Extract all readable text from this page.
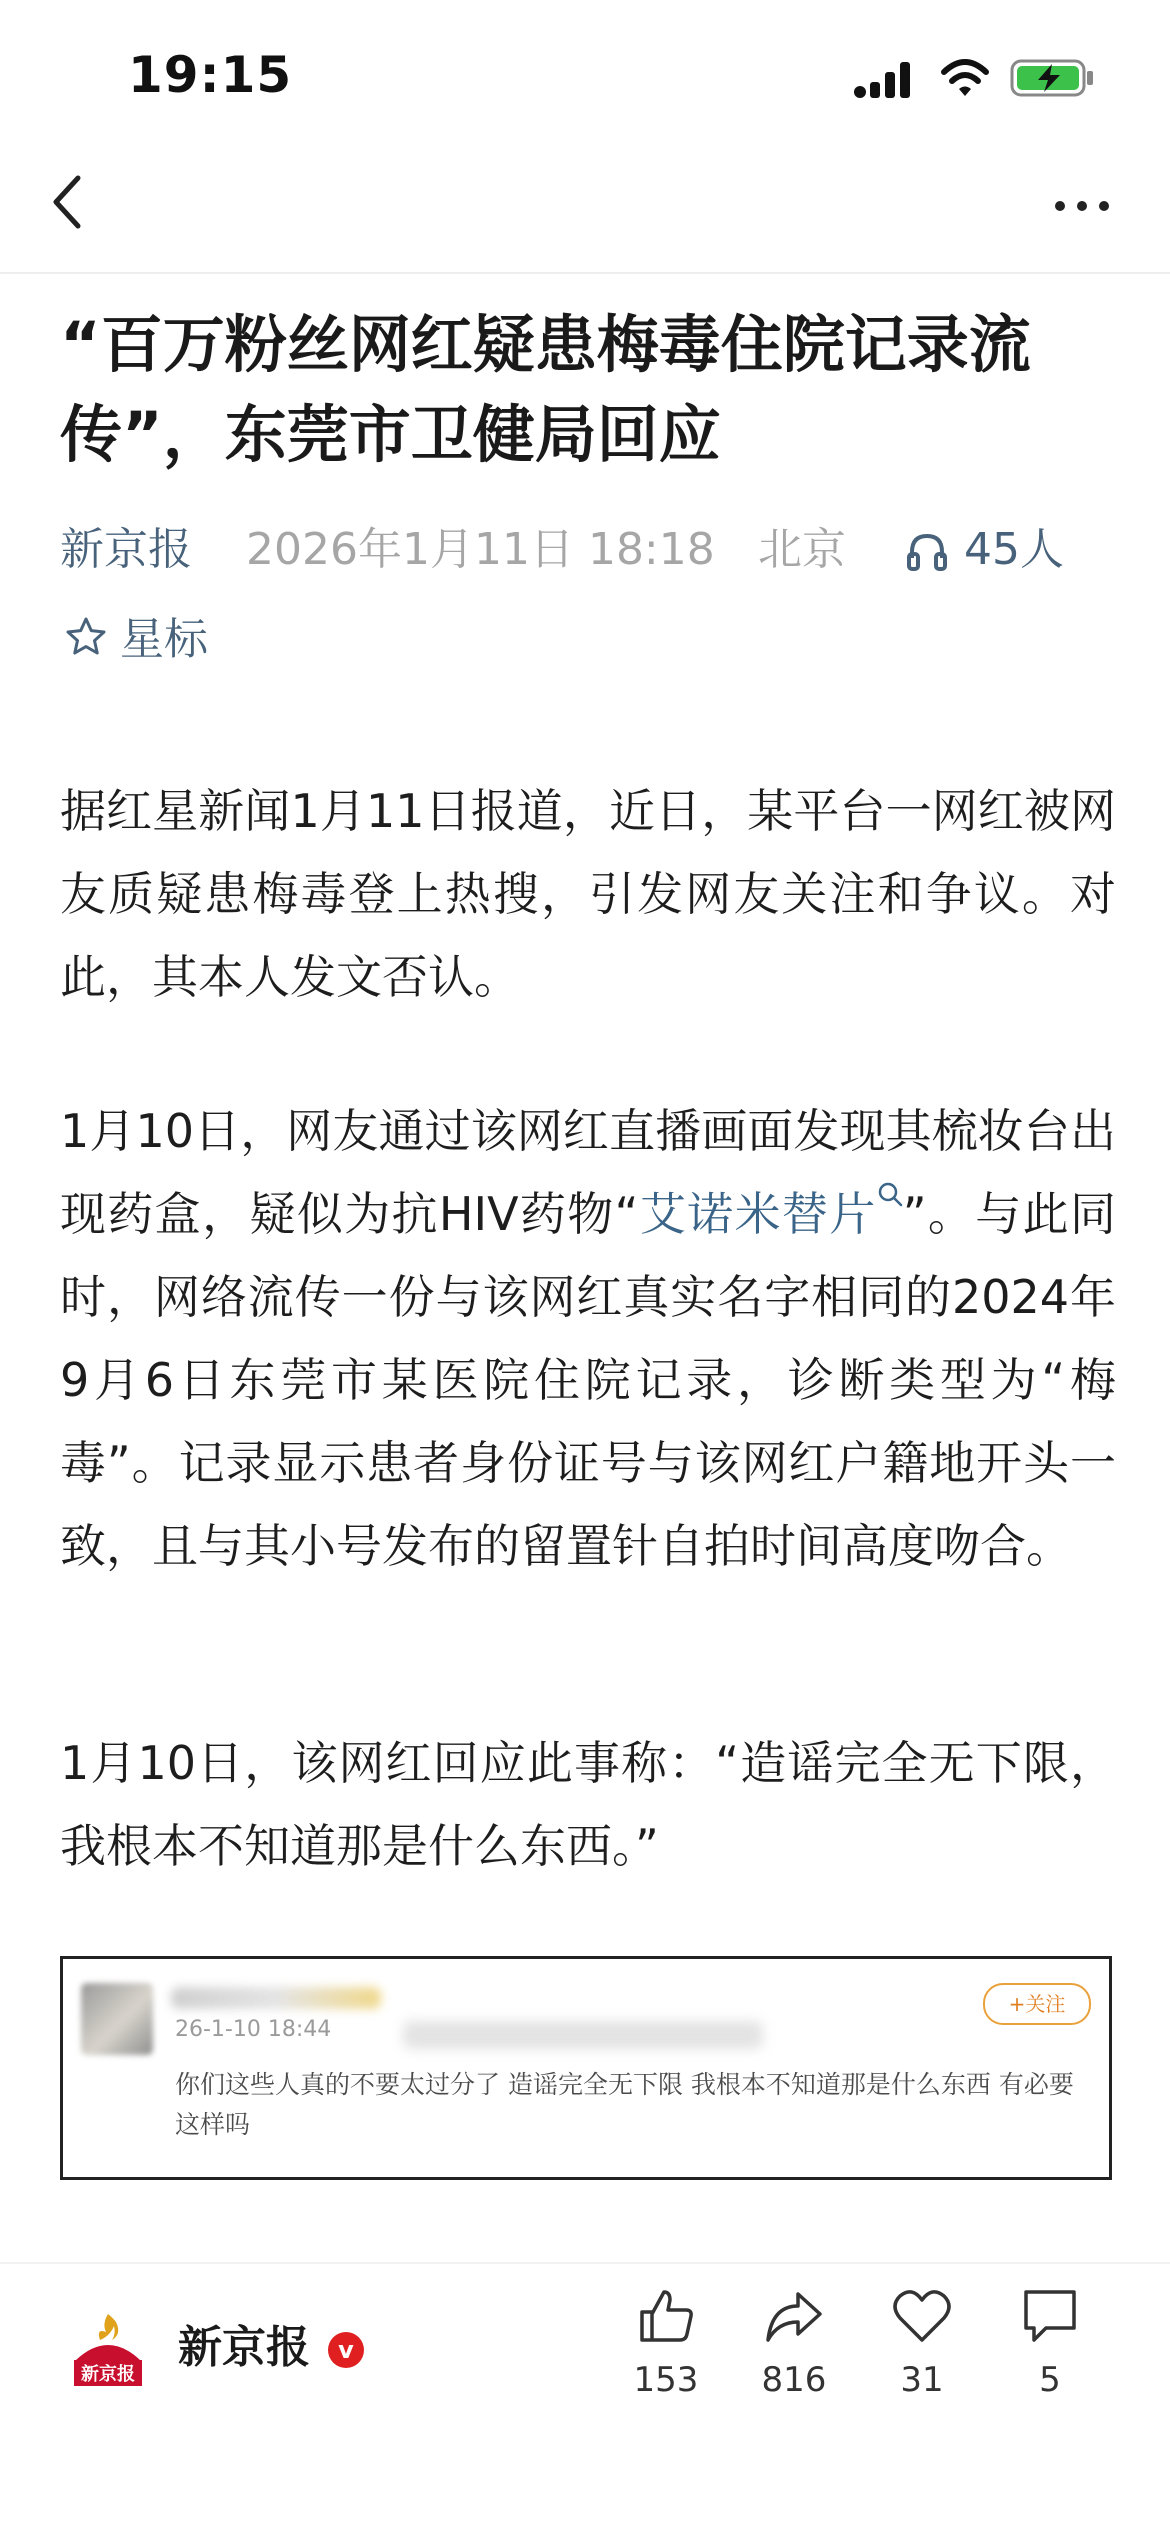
19:15
“百万粉丝网红疑患梅毒住院记录流传”，东莞市卫健局回应
新京报 2026年1月11日 18:18 北京	45人
星标
据红星新闻1月11日报道，近日，某平台一网红被网友质疑患梅毒登上热搜，引发网友关注和争议。对此，其本人发文否认。
1月10日，网友通过该网红直播画面发现其梳妆台出现药盒，疑似为抗HIV药物“艾诺米替片 ”。与此同时，网络流传一份与该网红真实名字相同的2024年9月6日东莞市某医院住院记录，诊断类型为“梅毒”。记录显示患者身份证号与该网红户籍地开头一致，且与其小号发布的留置针自拍时间高度吻合。
1月10日，该网红回应此事称：“造谣完全无下限，我根本不知道那是什么东西。”
26-1-10 18:44
+关注
你们这些人真的不要太过分了 造谣完全无下限 我根本不知道那是什么东西 有必要这样吗
新京报
新京报	v
153	816	31	5
